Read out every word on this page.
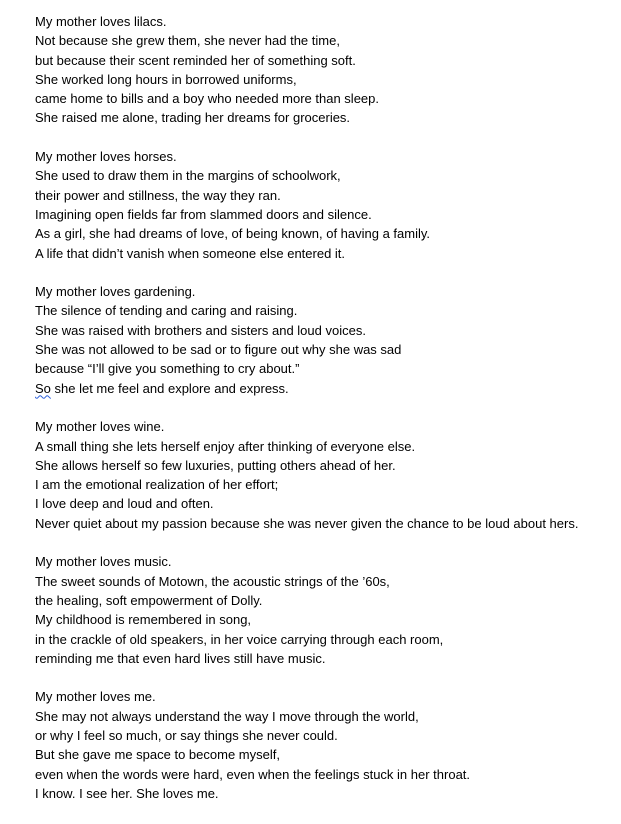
My mother loves lilacs.
Not because she grew them, she never had the time,
but because their scent reminded her of something soft.
She worked long hours in borrowed uniforms,
came home to bills and a boy who needed more than sleep.
She raised me alone, trading her dreams for groceries.
My mother loves horses.
She used to draw them in the margins of schoolwork,
their power and stillness, the way they ran.
Imagining open fields far from slammed doors and silence.
As a girl, she had dreams of love, of being known, of having a family.
A life that didn’t vanish when someone else entered it.
My mother loves gardening.
The silence of tending and caring and raising.
She was raised with brothers and sisters and loud voices.
She was not allowed to be sad or to figure out why she was sad
because “I’ll give you something to cry about.”
So she let me feel and explore and express.
My mother loves wine.
A small thing she lets herself enjoy after thinking of everyone else.
She allows herself so few luxuries, putting others ahead of her.
I am the emotional realization of her effort;
I love deep and loud and often.
Never quiet about my passion because she was never given the chance to be loud about hers.
My mother loves music.
The sweet sounds of Motown, the acoustic strings of the ’60s,
the healing, soft empowerment of Dolly.
My childhood is remembered in song,
in the crackle of old speakers, in her voice carrying through each room,
reminding me that even hard lives still have music.
My mother loves me.
She may not always understand the way I move through the world,
or why I feel so much, or say things she never could.
But she gave me space to become myself,
even when the words were hard, even when the feelings stuck in her throat.
I know. I see her. She loves me.
